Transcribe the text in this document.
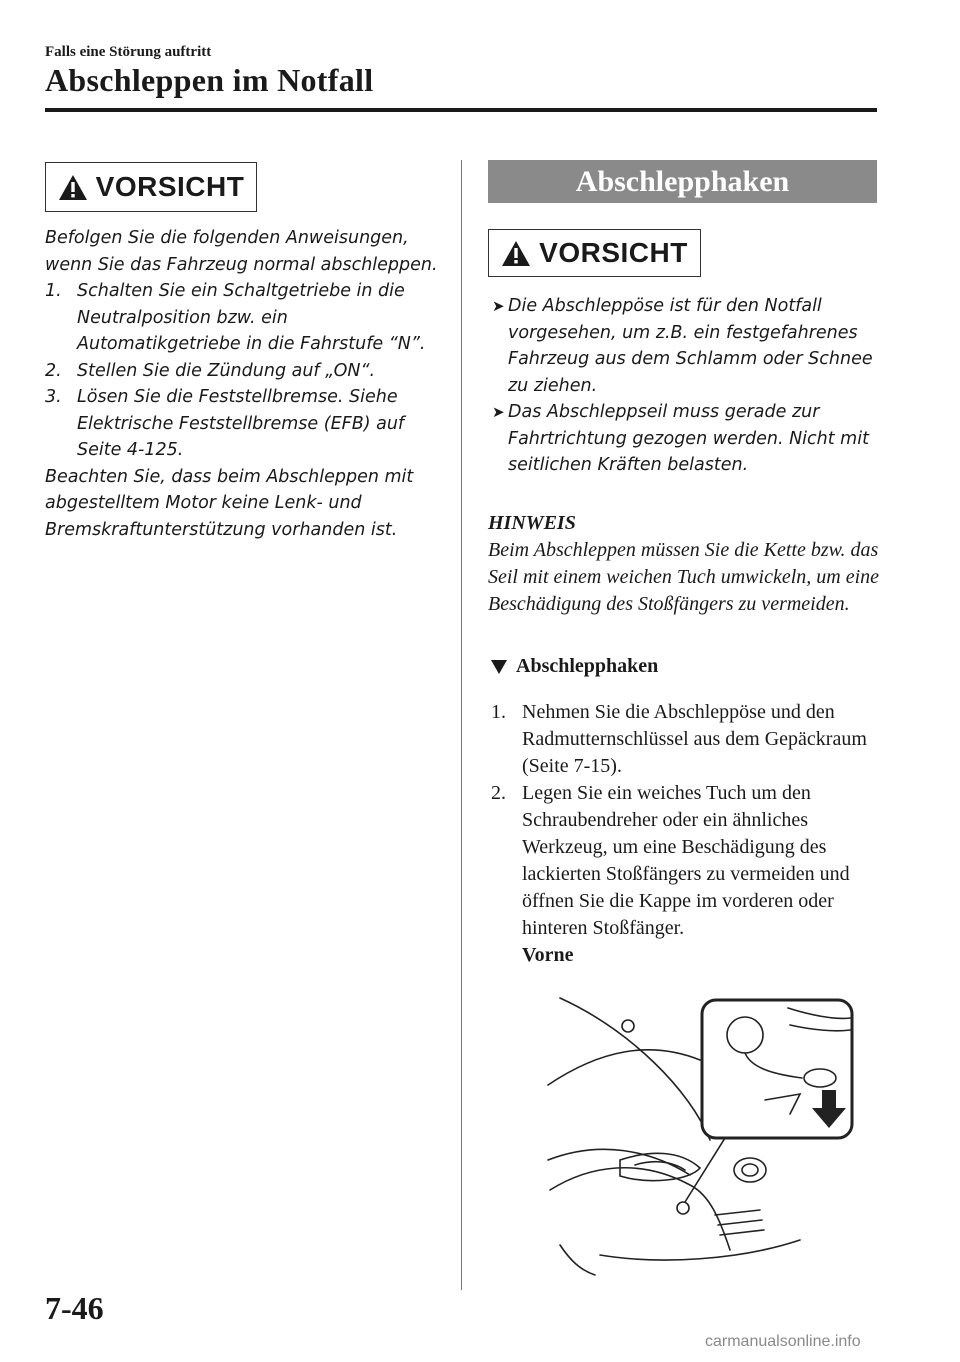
Falls eine Störung auftritt
Abschleppen im Notfall
VORSICHT

Befolgen Sie die folgenden Anweisungen, wenn Sie das Fahrzeug normal abschleppen.

1. Schalten Sie ein Schaltgetriebe in die Neutralposition bzw. ein Automatikgetriebe in die Fahrstufe “N”.
2. Stellen Sie die Zündung auf „ON“.
3. Lösen Sie die Feststellbremse. Siehe Elektrische Feststellbremse (EFB) auf Seite 4-125.

Beachten Sie, dass beim Abschleppen mit abgestelltem Motor keine Lenk- und Bremskraftunterstützung vorhanden ist.

Abschlepphaken
VORSICHT
➤ Die Abschleppöse ist für den Notfall vorgesehen, um z.B. ein festgefahrenes Fahrzeug aus dem Schlamm oder Schnee zu ziehen.
➤ Das Abschleppseil muss gerade zur Fahrtrichtung gezogen werden. Nicht mit seitlichen Kräften belasten.
HINWEIS
Beim Abschleppen müssen Sie die Kette bzw. das Seil mit einem weichen Tuch umwickeln, um eine Beschädigung des Stoßfängers zu vermeiden.
Abschlepphaken
1. Nehmen Sie die Abschleppöse und den Radmutternschlüssel aus dem Gepäckraum (Seite 7-15).
2. Legen Sie ein weiches Tuch um den Schraubendreher oder ein ähnliches Werkzeug, um eine Beschädigung des lackierten Stoßfängers zu vermeiden und öffnen Sie die Kappe im vorderen oder hinteren Stoßfänger.
Vorne
7-46
carmanualsonline.info
